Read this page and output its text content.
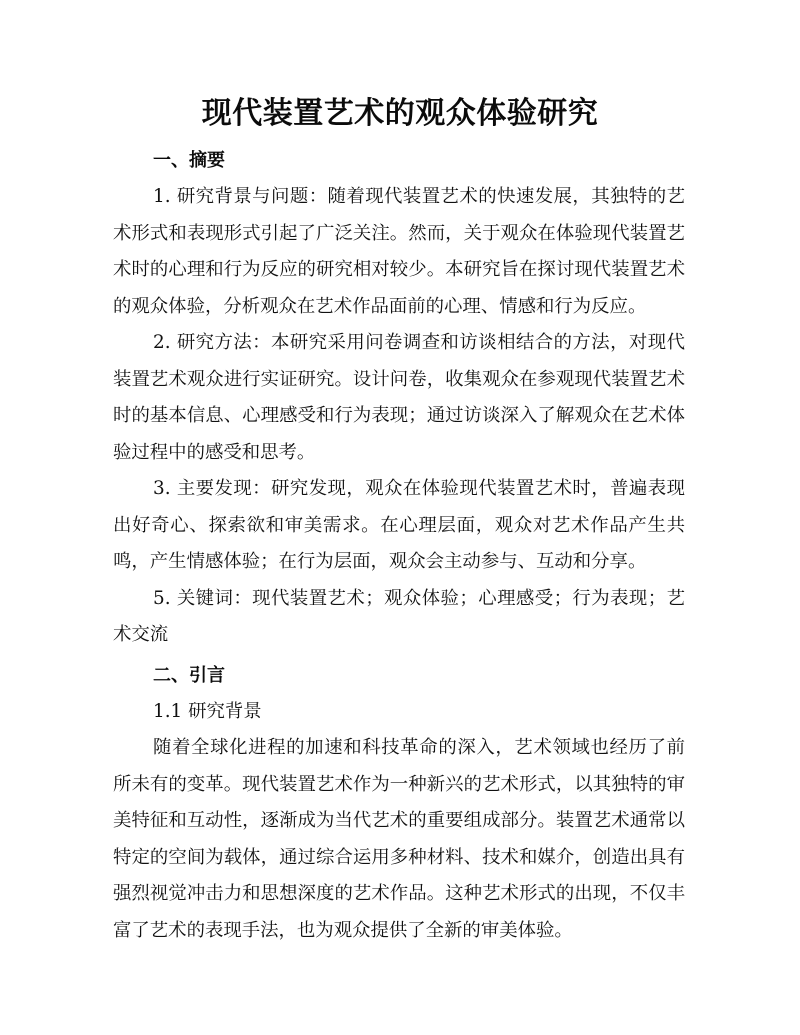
现代装置艺术的观众体验研究
一、摘要

1. 研究背景与问题：随着现代装置艺术的快速发展，其独特的艺术形式和表现形式引起了广泛关注。然而，关于观众在体验现代装置艺术时的心理和行为反应的研究相对较少。本研究旨在探讨现代装置艺术的观众体验，分析观众在艺术作品面前的心理、情感和行为反应。

2. 研究方法：本研究采用问卷调查和访谈相结合的方法，对现代装置艺术观众进行实证研究。设计问卷，收集观众在参观现代装置艺术时的基本信息、心理感受和行为表现；通过访谈深入了解观众在艺术体验过程中的感受和思考。

3. 主要发现：研究发现，观众在体验现代装置艺术时，普遍表现出好奇心、探索欲和审美需求。在心理层面，观众对艺术作品产生共鸣，产生情感体验；在行为层面，观众会主动参与、互动和分享。

5. 关键词：现代装置艺术；观众体验；心理感受；行为表现；艺术交流

二、引言
1.1 研究背景

随着全球化进程的加速和科技革命的深入，艺术领域也经历了前所未有的变革。现代装置艺术作为一种新兴的艺术形式，以其独特的审美特征和互动性，逐渐成为当代艺术的重要组成部分。装置艺术通常以特定的空间为载体，通过综合运用多种材料、技术和媒介，创造出具有强烈视觉冲击力和思想深度的艺术作品。这种艺术形式的出现，不仅丰富了艺术的表现手法，也为观众提供了全新的审美体验。
